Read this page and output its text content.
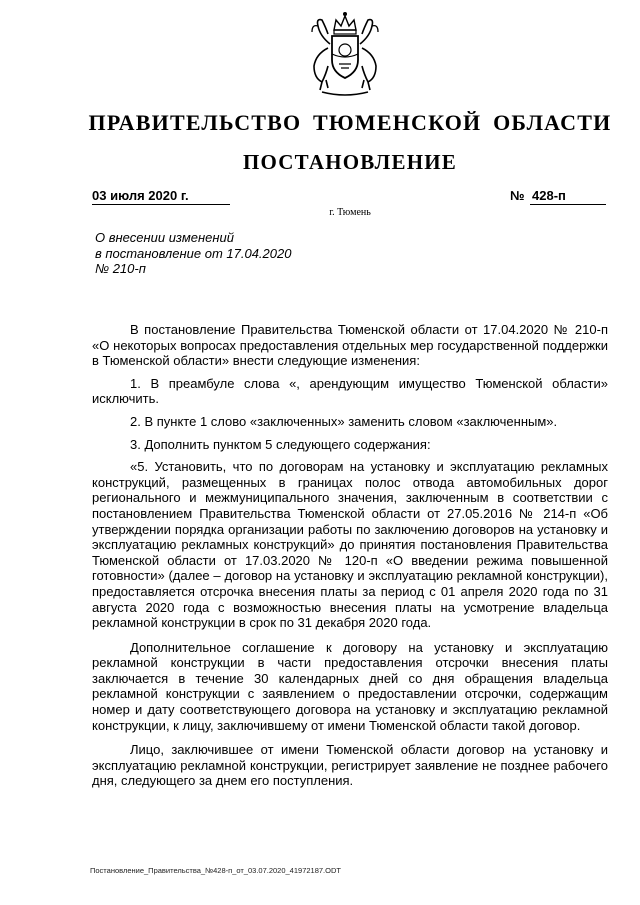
ПРАВИТЕЛЬСТВО ТЮМЕНСКОЙ ОБЛАСТИ
ПОСТАНОВЛЕНИЕ
03 июля 2020 г.	№ 428-п
г. Тюмень
О внесении изменений
в постановление от 17.04.2020
№ 210-п

В постановление Правительства Тюменской области от 17.04.2020 № 210-п «О некоторых вопросах предоставления отдельных мер государственной поддержки в Тюменской области» внести следующие изменения:

1. В преамбуле слова «, арендующим имущество Тюменской области» исключить.

2. В пункте 1 слово «заключенных» заменить словом «заключенным».

3. Дополнить пунктом 5 следующего содержания:

«5. Установить, что по договорам на установку и эксплуатацию рекламных конструкций, размещенных в границах полос отвода автомобильных дорог регионального и межмуниципального значения, заключенным в соответствии с постановлением Правительства Тюменской области от 27.05.2016 № 214-п «Об утверждении порядка организации работы по заключению договоров на установку и эксплуатацию рекламных конструкций» до принятия постановления Правительства Тюменской области от 17.03.2020 № 120-п «О введении режима повышенной готовности» (далее – договор на установку и эксплуатацию рекламной конструкции), предоставляется отсрочка внесения платы за период с 01 апреля 2020 года по 31 августа 2020 года с возможностью внесения платы на усмотрение владельца рекламной конструкции в срок по 31 декабря 2020 года.

Дополнительное соглашение к договору на установку и эксплуатацию рекламной конструкции в части предоставления отсрочки внесения платы заключается в течение 30 календарных дней со дня обращения владельца рекламной конструкции с заявлением о предоставлении отсрочки, содержащим номер и дату соответствующего договора на установку и эксплуатацию рекламной конструкции, к лицу, заключившему от имени Тюменской области такой договор.

Лицо, заключившее от имени Тюменской области договор на установку и эксплуатацию рекламной конструкции, регистрирует заявление не позднее рабочего дня, следующего за днем его поступления.

Постановление_Правительства_№428-п_от_03.07.2020_41972187.ODT
